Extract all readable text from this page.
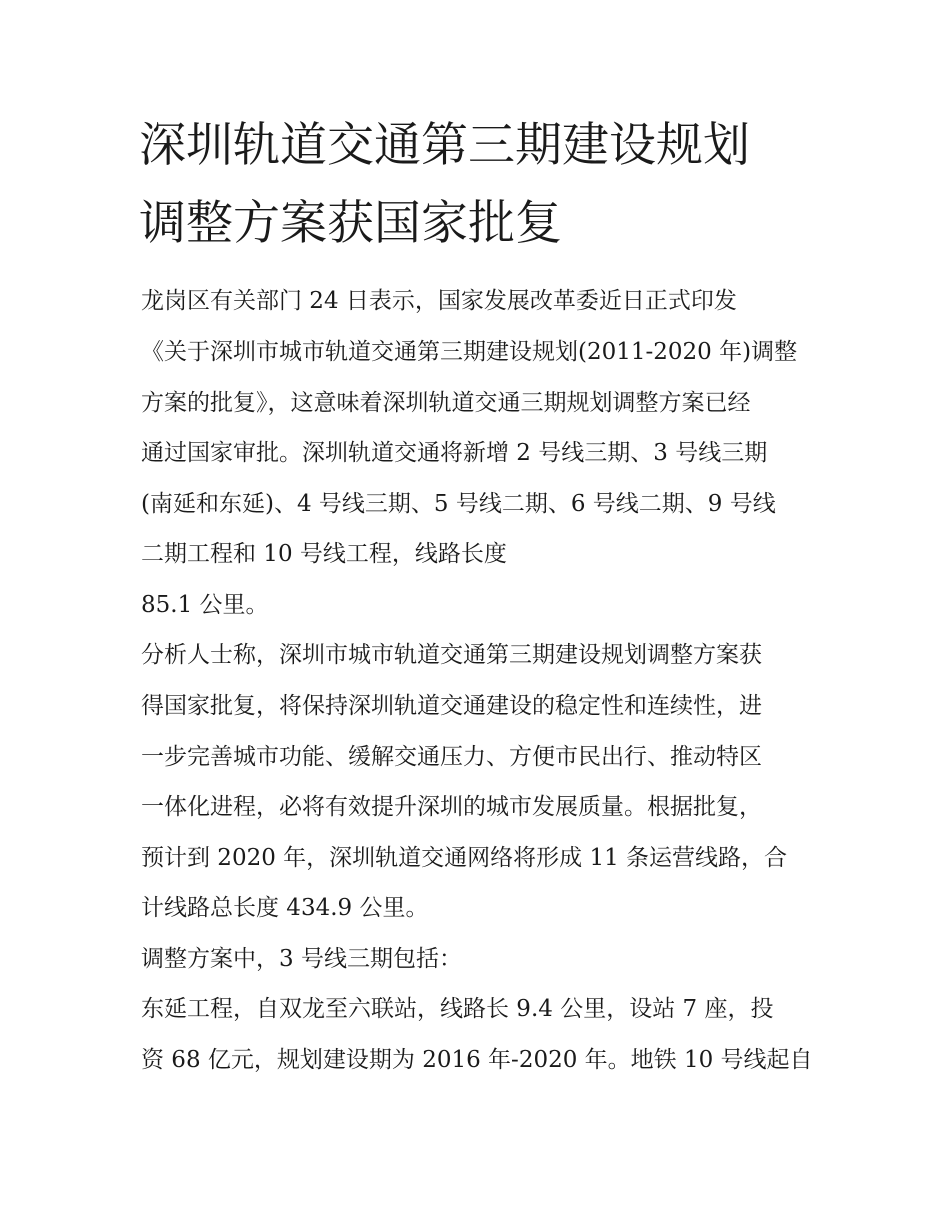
深圳轨道交通第三期建设规划
调整方案获国家批复
龙岗区有关部门 24 日表示，国家发展改革委近日正式印发
《关于深圳市城市轨道交通第三期建设规划(2011-2020 年)调整
方案的批复》，这意味着深圳轨道交通三期规划调整方案已经
通过国家审批。深圳轨道交通将新增 2 号线三期、3 号线三期
(南延和东延)、4 号线三期、5 号线二期、6 号线二期、9 号线
二期工程和 10 号线工程，线路长度
85.1 公里。
分析人士称，深圳市城市轨道交通第三期建设规划调整方案获
得国家批复，将保持深圳轨道交通建设的稳定性和连续性，进
一步完善城市功能、缓解交通压力、方便市民出行、推动特区
一体化进程，必将有效提升深圳的城市发展质量。根据批复，
预计到 2020 年，深圳轨道交通网络将形成 11 条运营线路，合
计线路总长度 434.9 公里。
调整方案中，3 号线三期包括：
东延工程，自双龙至六联站，线路长 9.4 公里，设站 7 座，投
资 68 亿元，规划建设期为 2016 年-2020 年。地铁 10 号线起自
